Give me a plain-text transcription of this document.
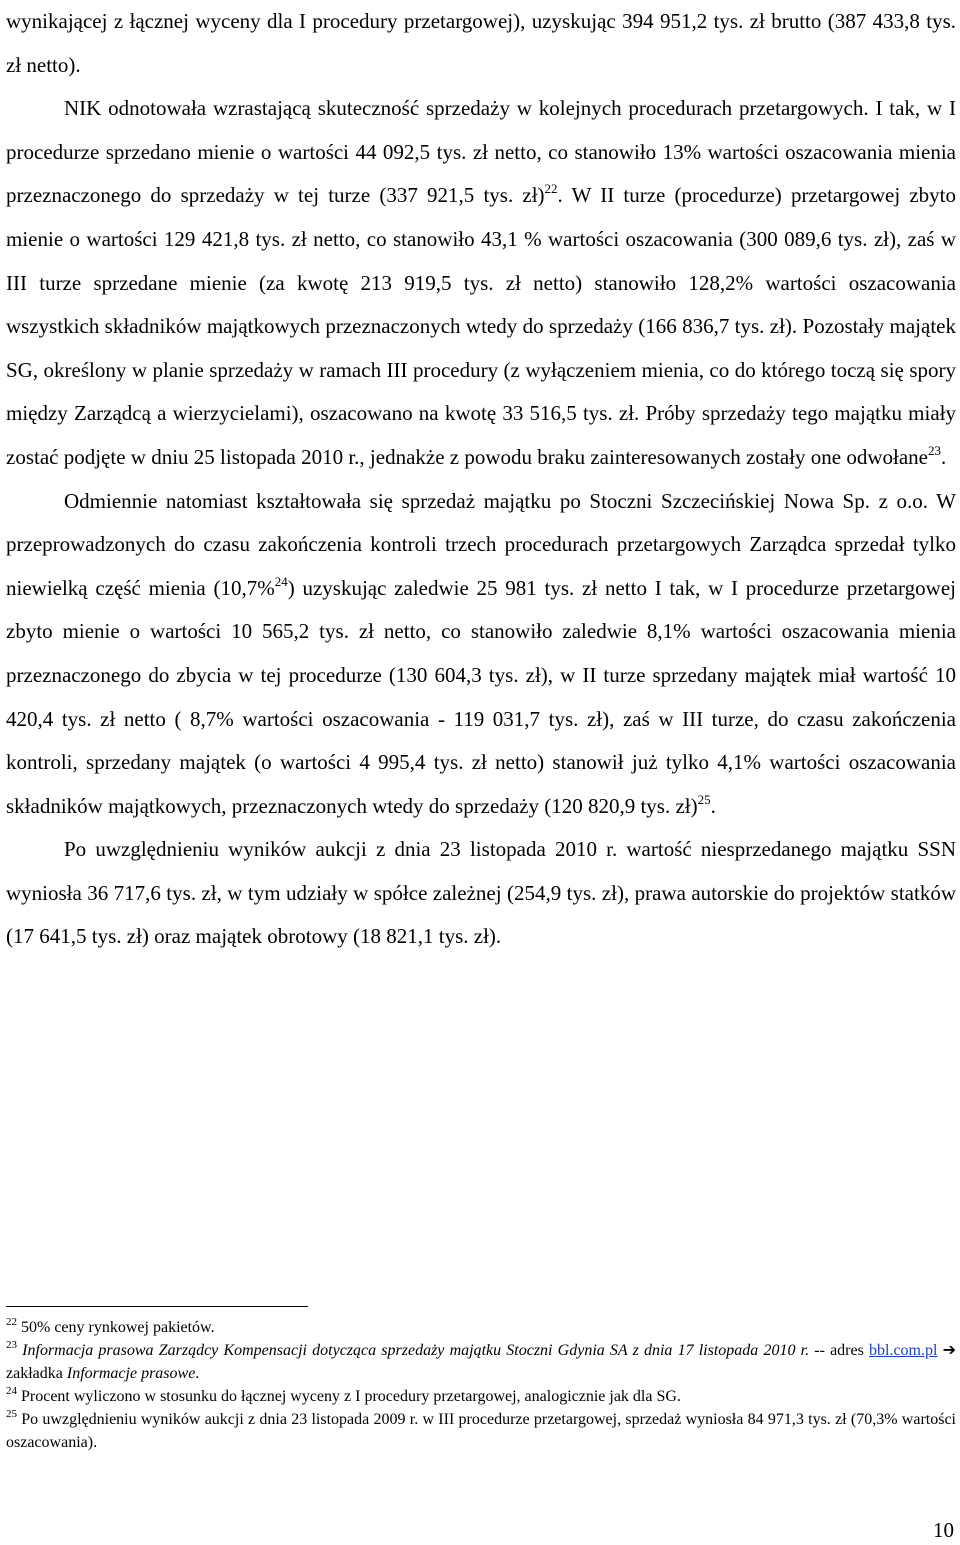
wynikającej z łącznej wyceny dla I procedury przetargowej), uzyskując 394 951,2 tys. zł brutto (387 433,8 tys. zł netto).

NIK odnotowała wzrastającą skuteczność sprzedaży w kolejnych procedurach przetargowych. I tak, w I procedurze sprzedano mienie o wartości 44 092,5 tys. zł netto, co stanowiło 13% wartości oszacowania mienia przeznaczonego do sprzedaży w tej turze (337 921,5 tys. zł)$^{22}$. W II turze (procedurze) przetargowej zbyto mienie o wartości 129 421,8 tys. zł netto, co stanowiło 43,1 % wartości oszacowania (300 089,6 tys. zł), zaś w III turze sprzedane mienie (za kwotę 213 919,5 tys. zł netto) stanowiło 128,2% wartości oszacowania wszystkich składników majątkowych przeznaczonych wtedy do sprzedaży (166 836,7 tys. zł). Pozostały majątek SG, określony w planie sprzedaży w ramach III procedury (z wyłączeniem mienia, co do którego toczą się spory między Zarządcą a wierzycielami), oszacowano na kwotę 33 516,5 tys. zł. Próby sprzedaży tego majątku miały zostać podjęte w dniu 25 listopada 2010 r., jednakże z powodu braku zainteresowanych zostały one odwołane$^{23}$.

Odmiennie natomiast kształtowała się sprzedaż majątku po Stoczni Szczecińskiej Nowa Sp. z o.o. W przeprowadzonych do czasu zakończenia kontroli trzech procedurach przetargowych Zarządca sprzedał tylko niewielką część mienia (10,7%$^{24}$) uzyskując zaledwie 25 981 tys. zł netto I tak, w I procedurze przetargowej zbyto mienie o wartości 10 565,2 tys. zł netto, co stanowiło zaledwie 8,1% wartości oszacowania mienia przeznaczonego do zbycia w tej procedurze (130 604,3 tys. zł), w II turze sprzedany majątek miał wartość 10 420,4 tys. zł netto ( 8,7% wartości oszacowania - 119 031,7 tys. zł), zaś w III turze, do czasu zakończenia kontroli, sprzedany majątek (o wartości 4 995,4 tys. zł netto) stanowił już tylko 4,1% wartości oszacowania składników majątkowych, przeznaczonych wtedy do sprzedaży (120 820,9 tys. zł)$^{25}$.

Po uwzględnieniu wyników aukcji z dnia 23 listopada 2010 r. wartość niesprzedanego majątku SSN wyniosła 36 717,6 tys. zł, w tym udziały w spółce zależnej (254,9 tys. zł), prawa autorskie do projektów statków (17 641,5 tys. zł) oraz majątek obrotowy (18 821,1 tys. zł).

$^{22}$ 50% ceny rynkowej pakietów.

$^{23}$ Informacja prasowa Zarządcy Kompensacji dotycząca sprzedaży majątku Stoczni Gdynia SA z dnia 17 listopada 2010 r. -- adres bbl.com.pl ➔ zakładka Informacje prasowe.

$^{24}$ Procent wyliczono w stosunku do łącznej wyceny z I procedury przetargowej, analogicznie jak dla SG.

$^{25}$ Po uwzględnieniu wyników aukcji z dnia 23 listopada 2009 r. w III procedurze przetargowej, sprzedaż wyniosła 84 971,3 tys. zł (70,3% wartości oszacowania).

10
